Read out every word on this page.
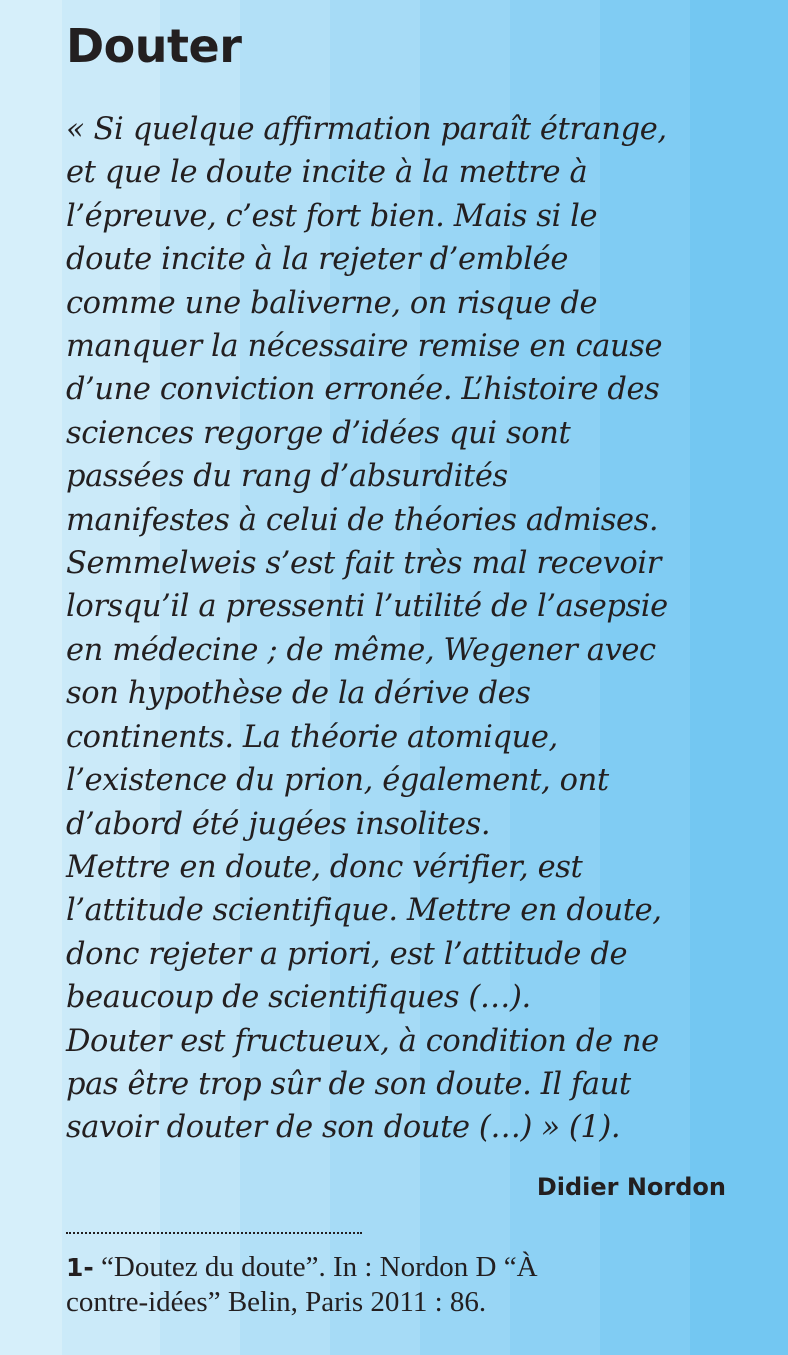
Douter

« Si quelque affirmation paraît étrange,
et que le doute incite à la mettre à
l’épreuve, c’est fort bien. Mais si le
doute incite à la rejeter d’emblée
comme une baliverne, on risque de
manquer la nécessaire remise en cause
d’une conviction erronée. L’histoire des
sciences regorge d’idées qui sont
passées du rang d’absurdités
manifestes à celui de théories admises.
Semmelweis s’est fait très mal recevoir
lorsqu’il a pressenti l’utilité de l’asepsie
en médecine ; de même, Wegener avec
son hypothèse de la dérive des
continents. La théorie atomique,
l’existence du prion, également, ont
d’abord été jugées insolites.
Mettre en doute, donc vérifier, est
l’attitude scientifique. Mettre en doute,
donc rejeter a priori, est l’attitude de
beaucoup de scientifiques (…).
Douter est fructueux, à condition de ne
pas être trop sûr de son doute. Il faut
savoir douter de son doute (…) » (1).

Didier Nordon

1- “Doutez du doute”. In : Nordon D “À
contre-idées” Belin, Paris 2011 : 86.
